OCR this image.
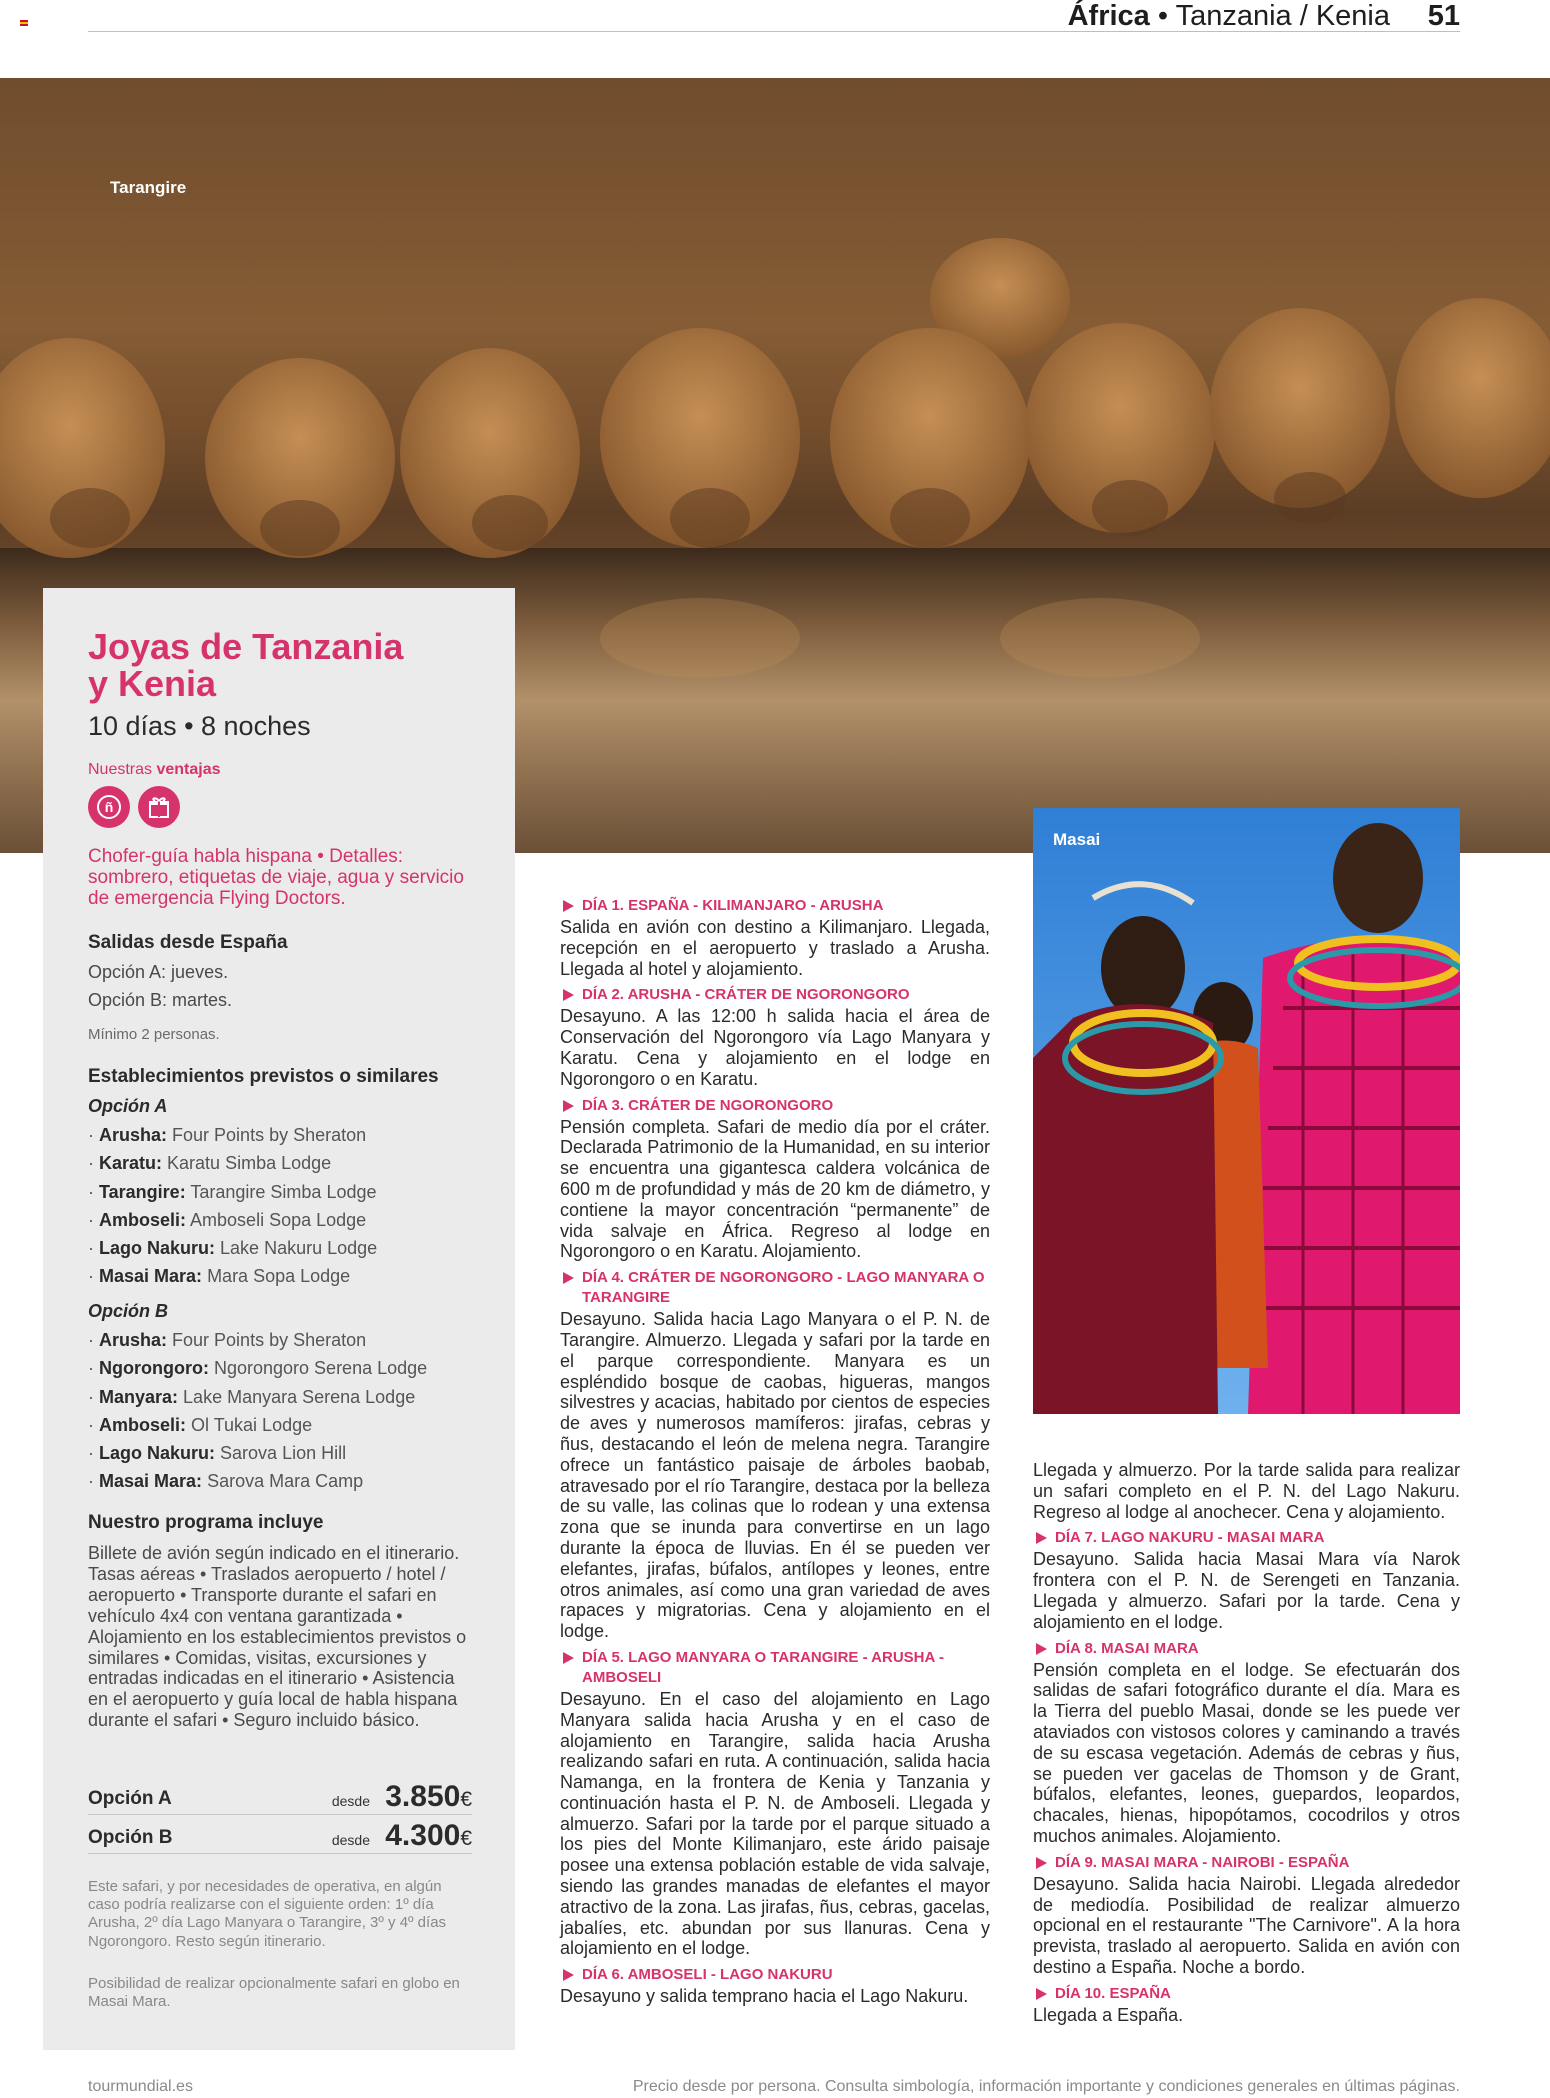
África • Tanzania / Kenia 51
Tarangire
Joyas de Tanzania
y Kenia
10 días • 8 noches
Nuestras ventajas
ñ
Chofer-guía habla hispana • Detalles: sombrero, etiquetas de viaje, agua y servicio de emergencia Flying Doctors.
Salidas desde España
Opción A: jueves.
Opción B: martes.
Mínimo 2 personas.
Establecimientos previstos o similares
Opción A
· Arusha: Four Points by Sheraton
· Karatu: Karatu Simba Lodge
· Tarangire: Tarangire Simba Lodge
· Amboseli: Amboseli Sopa Lodge
· Lago Nakuru: Lake Nakuru Lodge
· Masai Mara: Mara Sopa Lodge
Opción B
· Arusha: Four Points by Sheraton
· Ngorongoro: Ngorongoro Serena Lodge
· Manyara: Lake Manyara Serena Lodge
· Amboseli: Ol Tukai Lodge
· Lago Nakuru: Sarova Lion Hill
· Masai Mara: Sarova Mara Camp
Nuestro programa incluye
Billete de avión según indicado en el itinerario. Tasas aéreas • Traslados aeropuerto / hotel / aeropuerto • Transporte durante el safari en vehículo 4x4 con ventana garantizada • Alojamiento en los establecimientos previstos o similares • Comidas, visitas, excursiones y entradas indicadas en el itinerario • Asistencia en el aeropuerto y guía local de habla hispana durante el safari • Seguro incluido básico.
Opción A	desde 3.850€
Opción B	desde 4.300€
Este safari, y por necesidades de operativa, en algún caso podría realizarse con el siguiente orden: 1º día Arusha, 2º día Lago Manyara o Tarangire, 3º y 4º días Ngorongoro. Resto según itinerario.
Posibilidad de realizar opcionalmente safari en globo en Masai Mara.
DÍA 1. ESPAÑA - KILIMANJARO - ARUSHA
Salida en avión con destino a Kilimanjaro. Llegada, recepción en el aeropuerto y traslado a Arusha. Llegada al hotel y alojamiento.
DÍA 2. ARUSHA - CRÁTER DE NGORONGORO
Desayuno. A las 12:00 h salida hacia el área de Conservación del Ngorongoro vía Lago Manyara y Karatu. Cena y alojamiento en el lodge en Ngorongoro o en Karatu.
DÍA 3. CRÁTER DE NGORONGORO
Pensión completa. Safari de medio día por el cráter. Declarada Patrimonio de la Humanidad, en su interior se encuentra una gigantesca caldera volcánica de 600 m de profundidad y más de 20 km de diámetro, y contiene la mayor concentración “permanente” de vida salvaje en África. Regreso al lodge en Ngorongoro o en Karatu. Alojamiento.
DÍA 4. CRÁTER DE NGORONGORO - LAGO MANYARA O TARANGIRE
Desayuno. Salida hacia Lago Manyara o el P. N. de Tarangire. Almuerzo. Llegada y safari por la tarde en el parque correspondiente. Manyara es un espléndido bosque de caobas, higueras, mangos silvestres y acacias, habitado por cientos de especies de aves y numerosos mamíferos: jirafas, cebras y ñus, destacando el león de melena negra. Tarangire ofrece un fantástico paisaje de árboles baobab, atravesado por el río Tarangire, destaca por la belleza de su valle, las colinas que lo rodean y una extensa zona que se inunda para convertirse en un lago durante la época de lluvias. En él se pueden ver elefantes, jirafas, búfalos, antílopes y leones, entre otros animales, así como una gran variedad de aves rapaces y migratorias. Cena y alojamiento en el lodge.
DÍA 5. LAGO MANYARA O TARANGIRE - ARUSHA - AMBOSELI
Desayuno. En el caso del alojamiento en Lago Manyara salida hacia Arusha y en el caso de alojamiento en Tarangire, salida hacia Arusha realizando safari en ruta. A continuación, salida hacia Namanga, en la frontera de Kenia y Tanzania y continuación hasta el P. N. de Amboseli. Llegada y almuerzo. Safari por la tarde por el parque situado a los pies del Monte Kilimanjaro, este árido paisaje posee una extensa población estable de vida salvaje, siendo las grandes manadas de elefantes el mayor atractivo de la zona. Las jirafas, ñus, cebras, gacelas, jabalíes, etc. abundan por sus llanuras. Cena y alojamiento en el lodge.
DÍA 6. AMBOSELI - LAGO NAKURU
Desayuno y salida temprano hacia el Lago Nakuru.
Masai
Llegada y almuerzo. Por la tarde salida para realizar un safari completo en el P. N. del Lago Nakuru. Regreso al lodge al anochecer. Cena y alojamiento.
DÍA 7. LAGO NAKURU - MASAI MARA
Desayuno. Salida hacia Masai Mara vía Narok frontera con el P. N. de Serengeti en Tanzania. Llegada y almuerzo. Safari por la tarde. Cena y alojamiento en el lodge.
DÍA 8. MASAI MARA
Pensión completa en el lodge. Se efectuarán dos salidas de safari fotográfico durante el día. Mara es la Tierra del pueblo Masai, donde se les puede ver ataviados con vistosos colores y caminando a través de su escasa vegetación. Además de cebras y ñus, se pueden ver gacelas de Thomson y de Grant, búfalos, elefantes, leones, guepardos, leopardos, chacales, hienas, hipopótamos, cocodrilos y otros muchos animales. Alojamiento.
DÍA 9. MASAI MARA - NAIROBI - ESPAÑA
Desayuno. Salida hacia Nairobi. Llegada alrededor de mediodía. Posibilidad de realizar almuerzo opcional en el restaurante "The Carnivore". A la hora prevista, traslado al aeropuerto. Salida en avión con destino a España. Noche a bordo.
DÍA 10. ESPAÑA
Llegada a España.
tourmundial.es	Precio desde por persona. Consulta simbología, información importante y condiciones generales en últimas páginas.
